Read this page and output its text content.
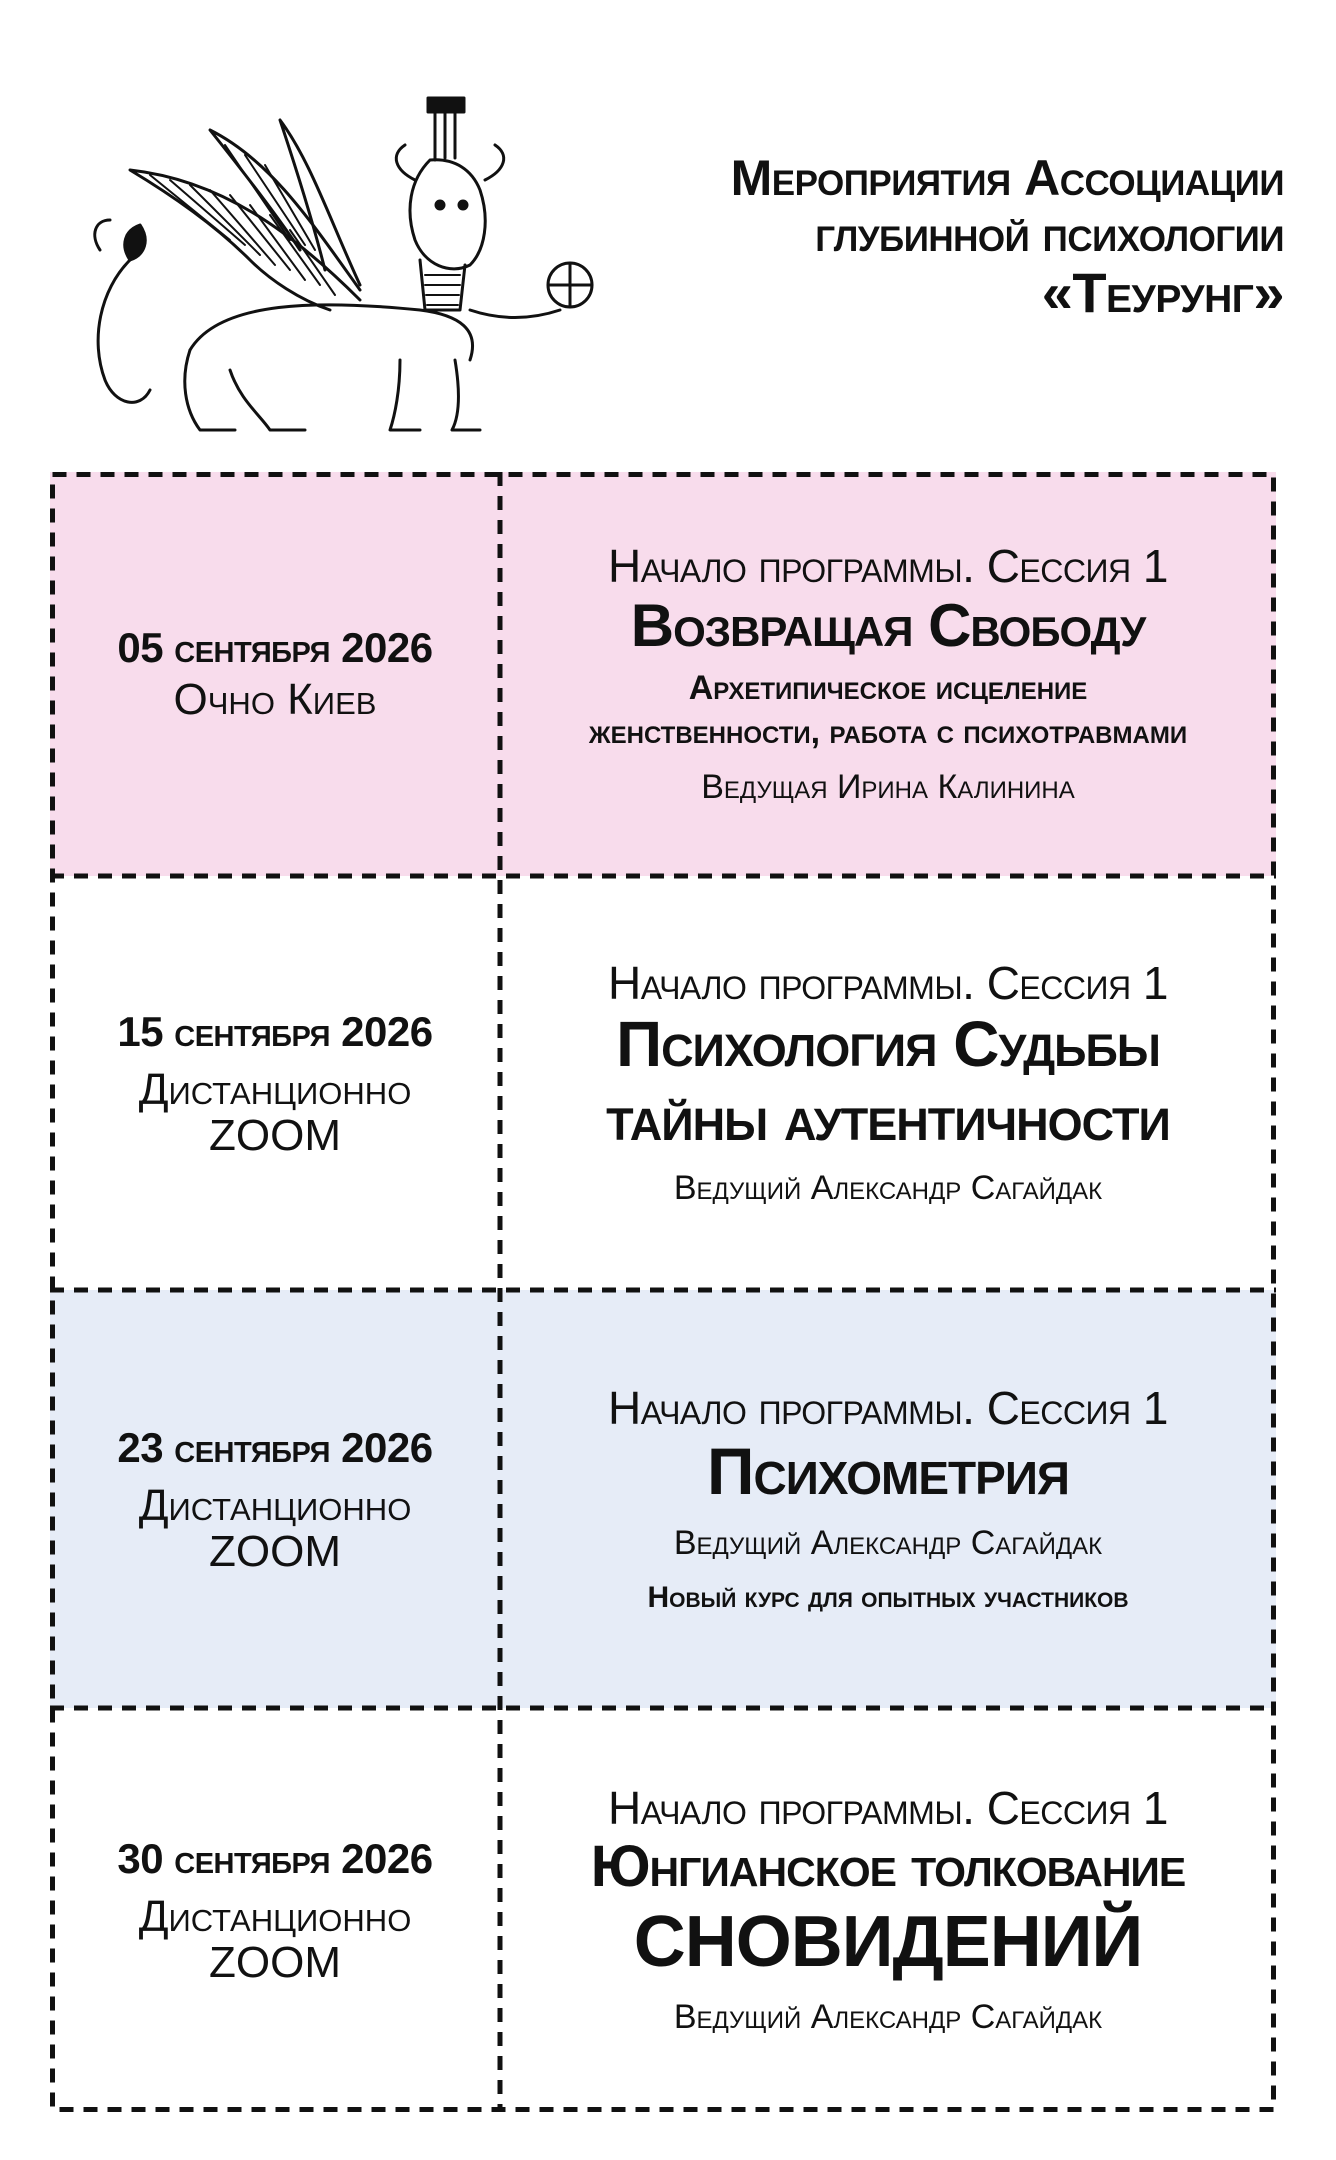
Мероприятия Ассоциации
глубинной психологии
«Теурунг»
05 сентября 2026
Очно Киев
Начало программы. Сессия 1
Возвращая Свободу
Архетипическое исцеление
женственности, работа с психотравмами
Ведущая Ирина Калинина
15 сентября 2026
Дистанционно
ZOOM
Начало программы. Сессия 1
Психология Судьбы
тайны аутентичности
Ведущий Александр Сагайдак
23 сентября 2026
Дистанционно
ZOOM
Начало программы. Сессия 1
Психометрия
Ведущий Александр Сагайдак
Новый курс для опытных участников
30 сентября 2026
Дистанционно
ZOOM
Начало программы. Сессия 1
Юнгианское толкование
СНОВИДЕНИЙ
Ведущий Александр Сагайдак
